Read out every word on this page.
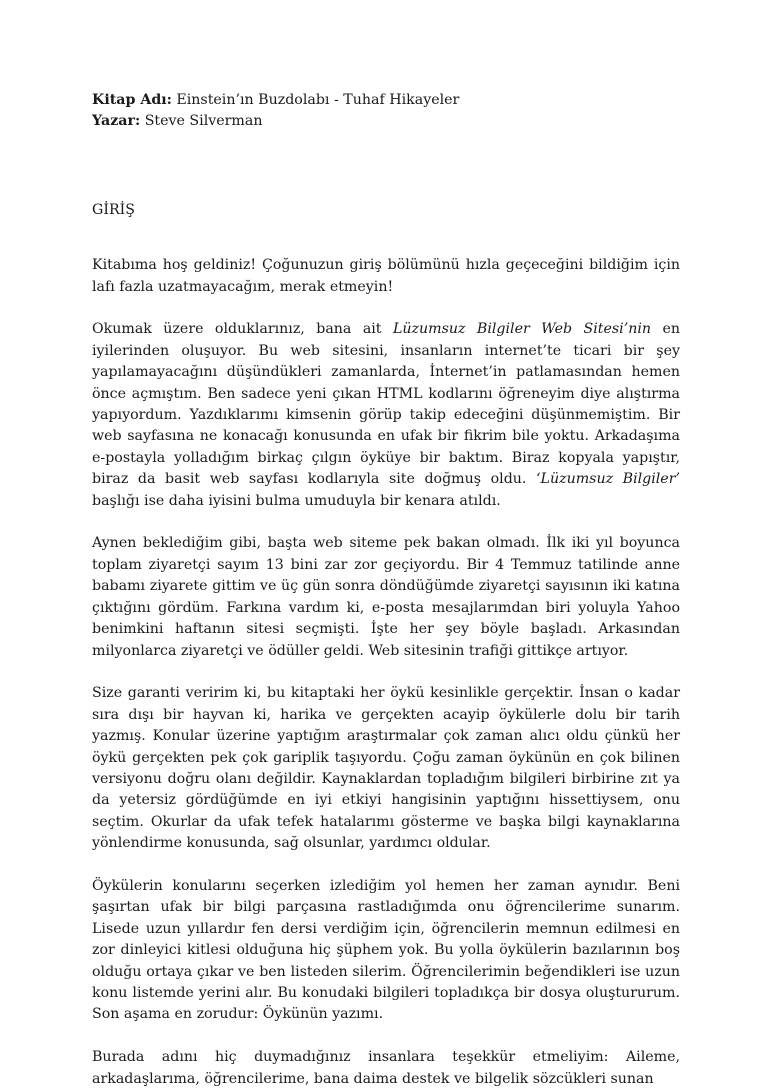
Kitap Adı: Einstein’ın Buzdolabı - Tuhaf Hikayeler

Yazar: Steve Silverman

GİRİŞ

Kitabıma hoş geldiniz! Çoğunuzun giriş bölümünü hızla geçeceğini bildiğim için lafı fazla uzatmayacağım, merak etmeyin!

Okumak üzere olduklarınız, bana ait Lüzumsuz Bilgiler Web Sitesi’nin en iyilerinden oluşuyor. Bu web sitesini, insanların internet’te ticari bir şey yapılamayacağını düşündükleri zamanlarda, İnternet’in patlamasından hemen önce açmıştım. Ben sadece yeni çıkan HTML kodlarını öğreneyim diye alıştırma yapıyordum. Yazdıklarımı kimsenin görüp takip edeceğini düşünmemiştim. Bir web sayfasına ne konacağı konusunda en ufak bir fikrim bile yoktu. Arkadaşıma e-postayla yolladığım birkaç çılgın öyküye bir baktım. Biraz kopyala yapıştır, biraz da basit web sayfası kodlarıyla site doğmuş oldu. ‘Lüzumsuz Bilgiler’ başlığı ise daha iyisini bulma umuduyla bir kenara atıldı.

Aynen beklediğim gibi, başta web siteme pek bakan olmadı. İlk iki yıl boyunca toplam ziyaretçi sayım 13 bini zar zor geçiyordu. Bir 4 Temmuz tatilinde anne babamı ziyarete gittim ve üç gün sonra döndüğümde ziyaretçi sayısının iki katına çıktığını gördüm. Farkına vardım ki, e-posta mesajlarımdan biri yoluyla Yahoo benimkini haftanın sitesi seçmişti. İşte her şey böyle başladı. Arkasından milyonlarca ziyaretçi ve ödüller geldi. Web sitesinin trafiği gittikçe artıyor.

Size garanti veririm ki, bu kitaptaki her öykü kesinlikle gerçektir. İnsan o kadar sıra dışı bir hayvan ki, harika ve gerçekten acayip öykülerle dolu bir tarih yazmış. Konular üzerine yaptığım araştırmalar çok zaman alıcı oldu çünkü her öykü gerçekten pek çok gariplik taşıyordu. Çoğu zaman öykünün en çok bilinen versiyonu doğru olanı değildir. Kaynaklardan topladığım bilgileri birbirine zıt ya da yetersiz gördüğümde en iyi etkiyi hangisinin yaptığını hissettiysem, onu seçtim. Okurlar da ufak tefek hatalarımı gösterme ve başka bilgi kaynaklarına yönlendirme konusunda, sağ olsunlar, yardımcı oldular.

Öykülerin konularını seçerken izlediğim yol hemen her zaman aynıdır. Beni şaşırtan ufak bir bilgi parçasına rastladığımda onu öğrencilerime sunarım. Lisede uzun yıllardır fen dersi verdiğim için, öğrencilerin memnun edilmesi en zor dinleyici kitlesi olduğuna hiç şüphem yok. Bu yolla öykülerin bazılarının boş olduğu ortaya çıkar ve ben listeden silerim. Öğrencilerimin beğendikleri ise uzun konu listemde yerini alır. Bu konudaki bilgileri topladıkça bir dosya oluştururum. Son aşama en zorudur: Öykünün yazımı.

Burada adını hiç duymadığınız insanlara teşekkür etmeliyim: Aileme, arkadaşlarıma, öğrencilerime, bana daima destek ve bilgelik sözcükleri sunan
